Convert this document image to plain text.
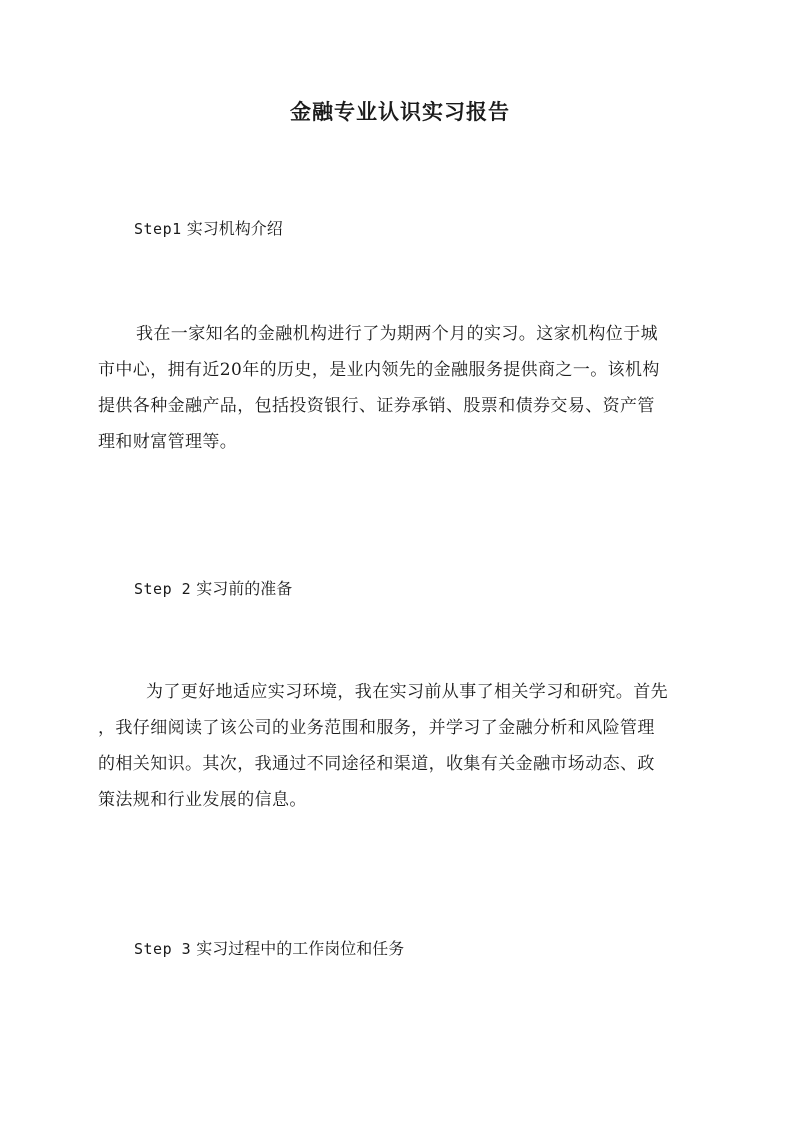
金融专业认识实习报告
Step1 实习机构介绍
我在一家知名的金融机构进行了为期两个月的实习。这家机构位于城
市中心，拥有近20年的历史，是业内领先的金融服务提供商之一。该机构
提供各种金融产品，包括投资银行、证券承销、股票和债券交易、资产管
理和财富管理等。
Step 2 实习前的准备
为了更好地适应实习环境，我在实习前从事了相关学习和研究。首先
，我仔细阅读了该公司的业务范围和服务，并学习了金融分析和风险管理
的相关知识。其次，我通过不同途径和渠道，收集有关金融市场动态、政
策法规和行业发展的信息。
Step 3 实习过程中的工作岗位和任务
